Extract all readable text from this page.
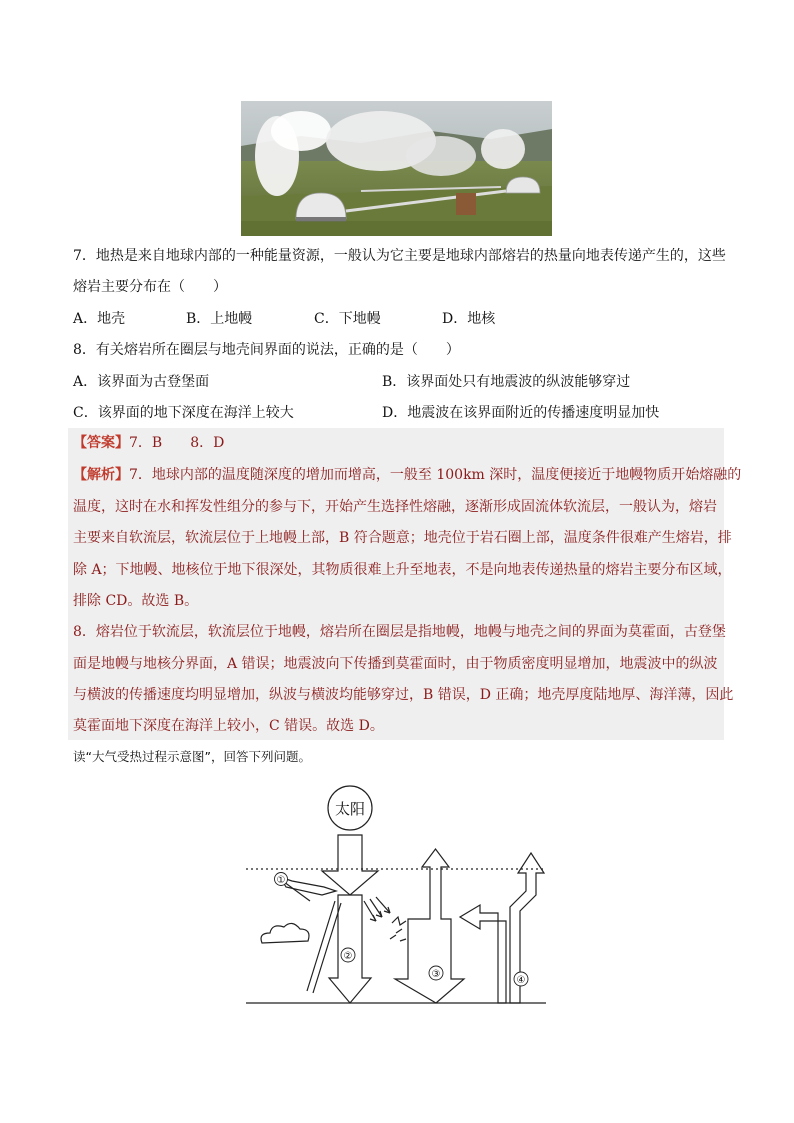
7．地热是来自地球内部的一种能量资源，一般认为它主要是地球内部熔岩的热量向地表传递产生的，这些
熔岩主要分布在（　　）
A．地壳	B．上地幔	C．下地幔	D．地核
8．有关熔岩所在圈层与地壳间界面的说法，正确的是（　　）
A．该界面为古登堡面	B．该界面处只有地震波的纵波能够穿过
C．该界面的地下深度在海洋上较大	D．地震波在该界面附近的传播速度明显加快
【答案】7．B　　8．D
【解析】7．地球内部的温度随深度的增加而增高，一般至 100km 深时，温度便接近于地幔物质开始熔融的
温度，这时在水和挥发性组分的参与下，开始产生选择性熔融，逐渐形成固流体软流层，一般认为，熔岩
主要来自软流层，软流层位于上地幔上部，B 符合题意；地壳位于岩石圈上部，温度条件很难产生熔岩，排
除 A；下地幔、地核位于地下很深处，其物质很难上升至地表，不是向地表传递热量的熔岩主要分布区域，
排除 CD。故选 B。
8．熔岩位于软流层，软流层位于地幔，熔岩所在圈层是指地幔，地幔与地壳之间的界面为莫霍面，古登堡
面是地幔与地核分界面，A 错误；地震波向下传播到莫霍面时，由于物质密度明显增加，地震波中的纵波
与横波的传播速度均明显增加，纵波与横波均能够穿过，B 错误，D 正确；地壳厚度陆地厚、海洋薄，因此
莫霍面地下深度在海洋上较小，C 错误。故选 D。
读“大气受热过程示意图”，回答下列问题。
太阳
①
②
③
④
